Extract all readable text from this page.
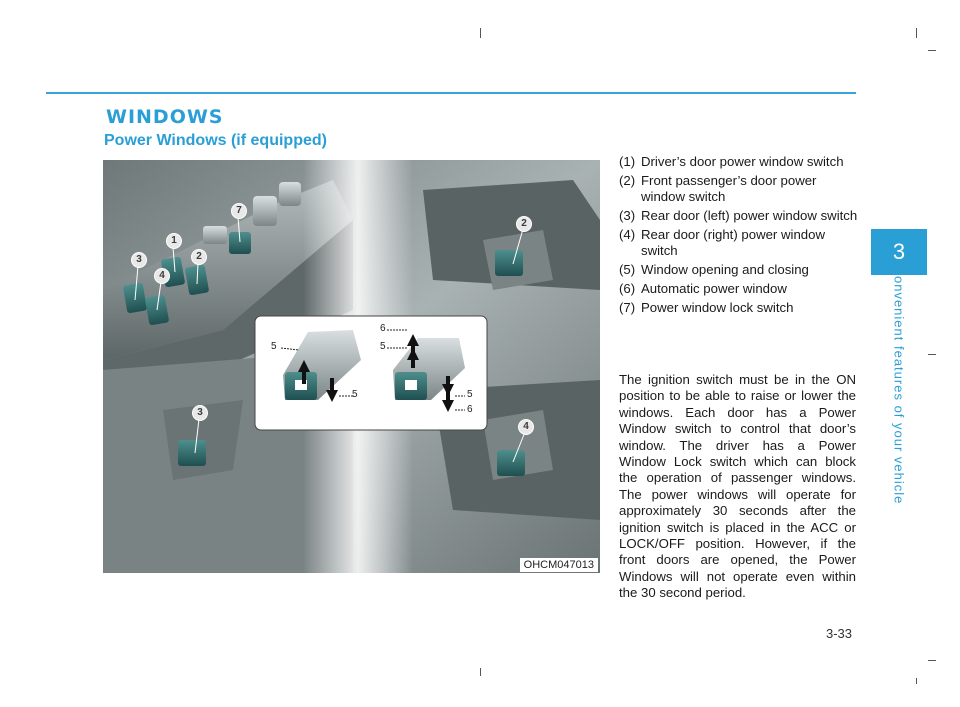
WINDOWS
Power Windows (if equipped)
1
2
3
4
7
2
4
3
5
5
6
5
5
6
OHCM047013
(1) Driver’s door power window switch
(2) Front passenger’s door power window switch
(3) Rear door (left) power window switch
(4) Rear door (right) power window switch
(5) Window opening and closing
(6) Automatic power window
(7) Power window lock switch

The ignition switch must be in the ON position to be able to raise or lower the windows. Each door has a Power Window switch to control that door’s window. The driver has a Power Window Lock switch which can block the operation of passenger windows. The power windows will operate for approximately 30 seconds after the ignition switch is placed in the ACC or LOCK/OFF position. However, if the front doors are opened, the Power Windows will not operate even within the 30 second period.

3
Convenient features of your vehicle
3-33
